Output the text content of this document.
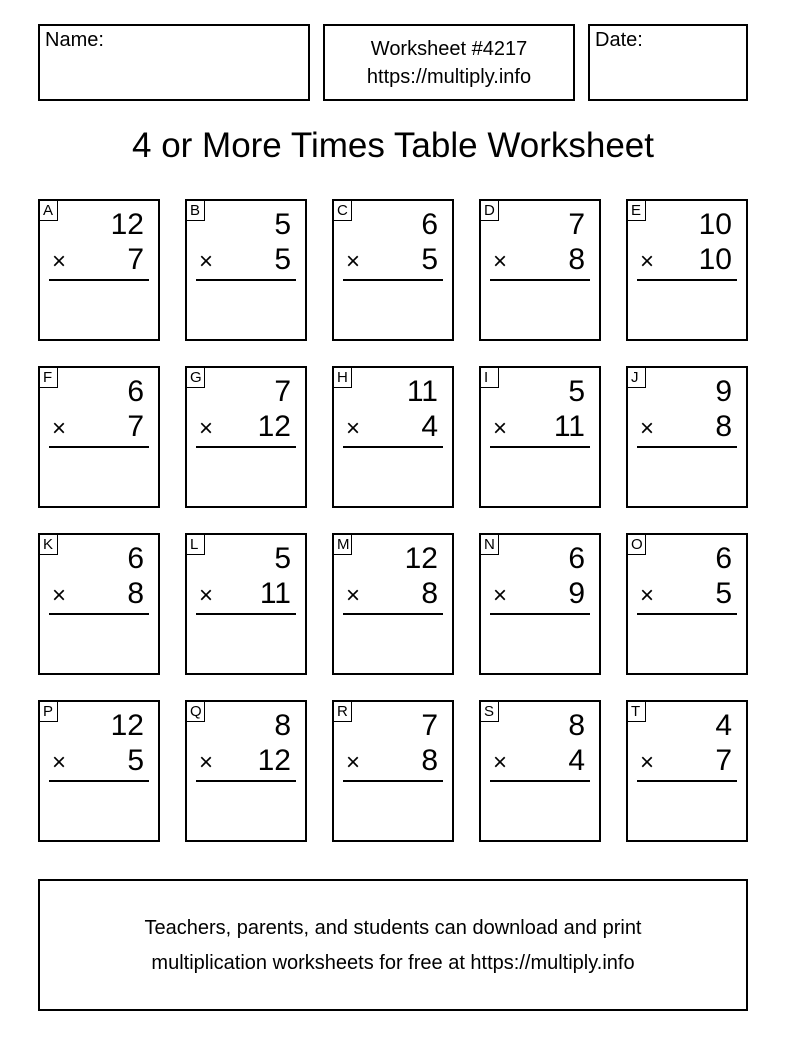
Name:	Worksheet #4217
https://multiply.info
Date:
4 or More Times Table Worksheet
A 12
× 7
B 5
× 5
C 6
× 5
D 7
× 8
E 10
× 10
F	6
× 7
G 7
× 12
H 11
× 4
I	5
× 11
J	9
× 8
K 6
× 8
L	5
× 11
M 12
× 8
N 6
× 9
O 6
× 5
P 12
× 5
Q 8
× 12
R 7
× 8
S 8
× 4
T	4
× 7
Teachers, parents, and students can download and print
multiplication worksheets for free at https://multiply.info
